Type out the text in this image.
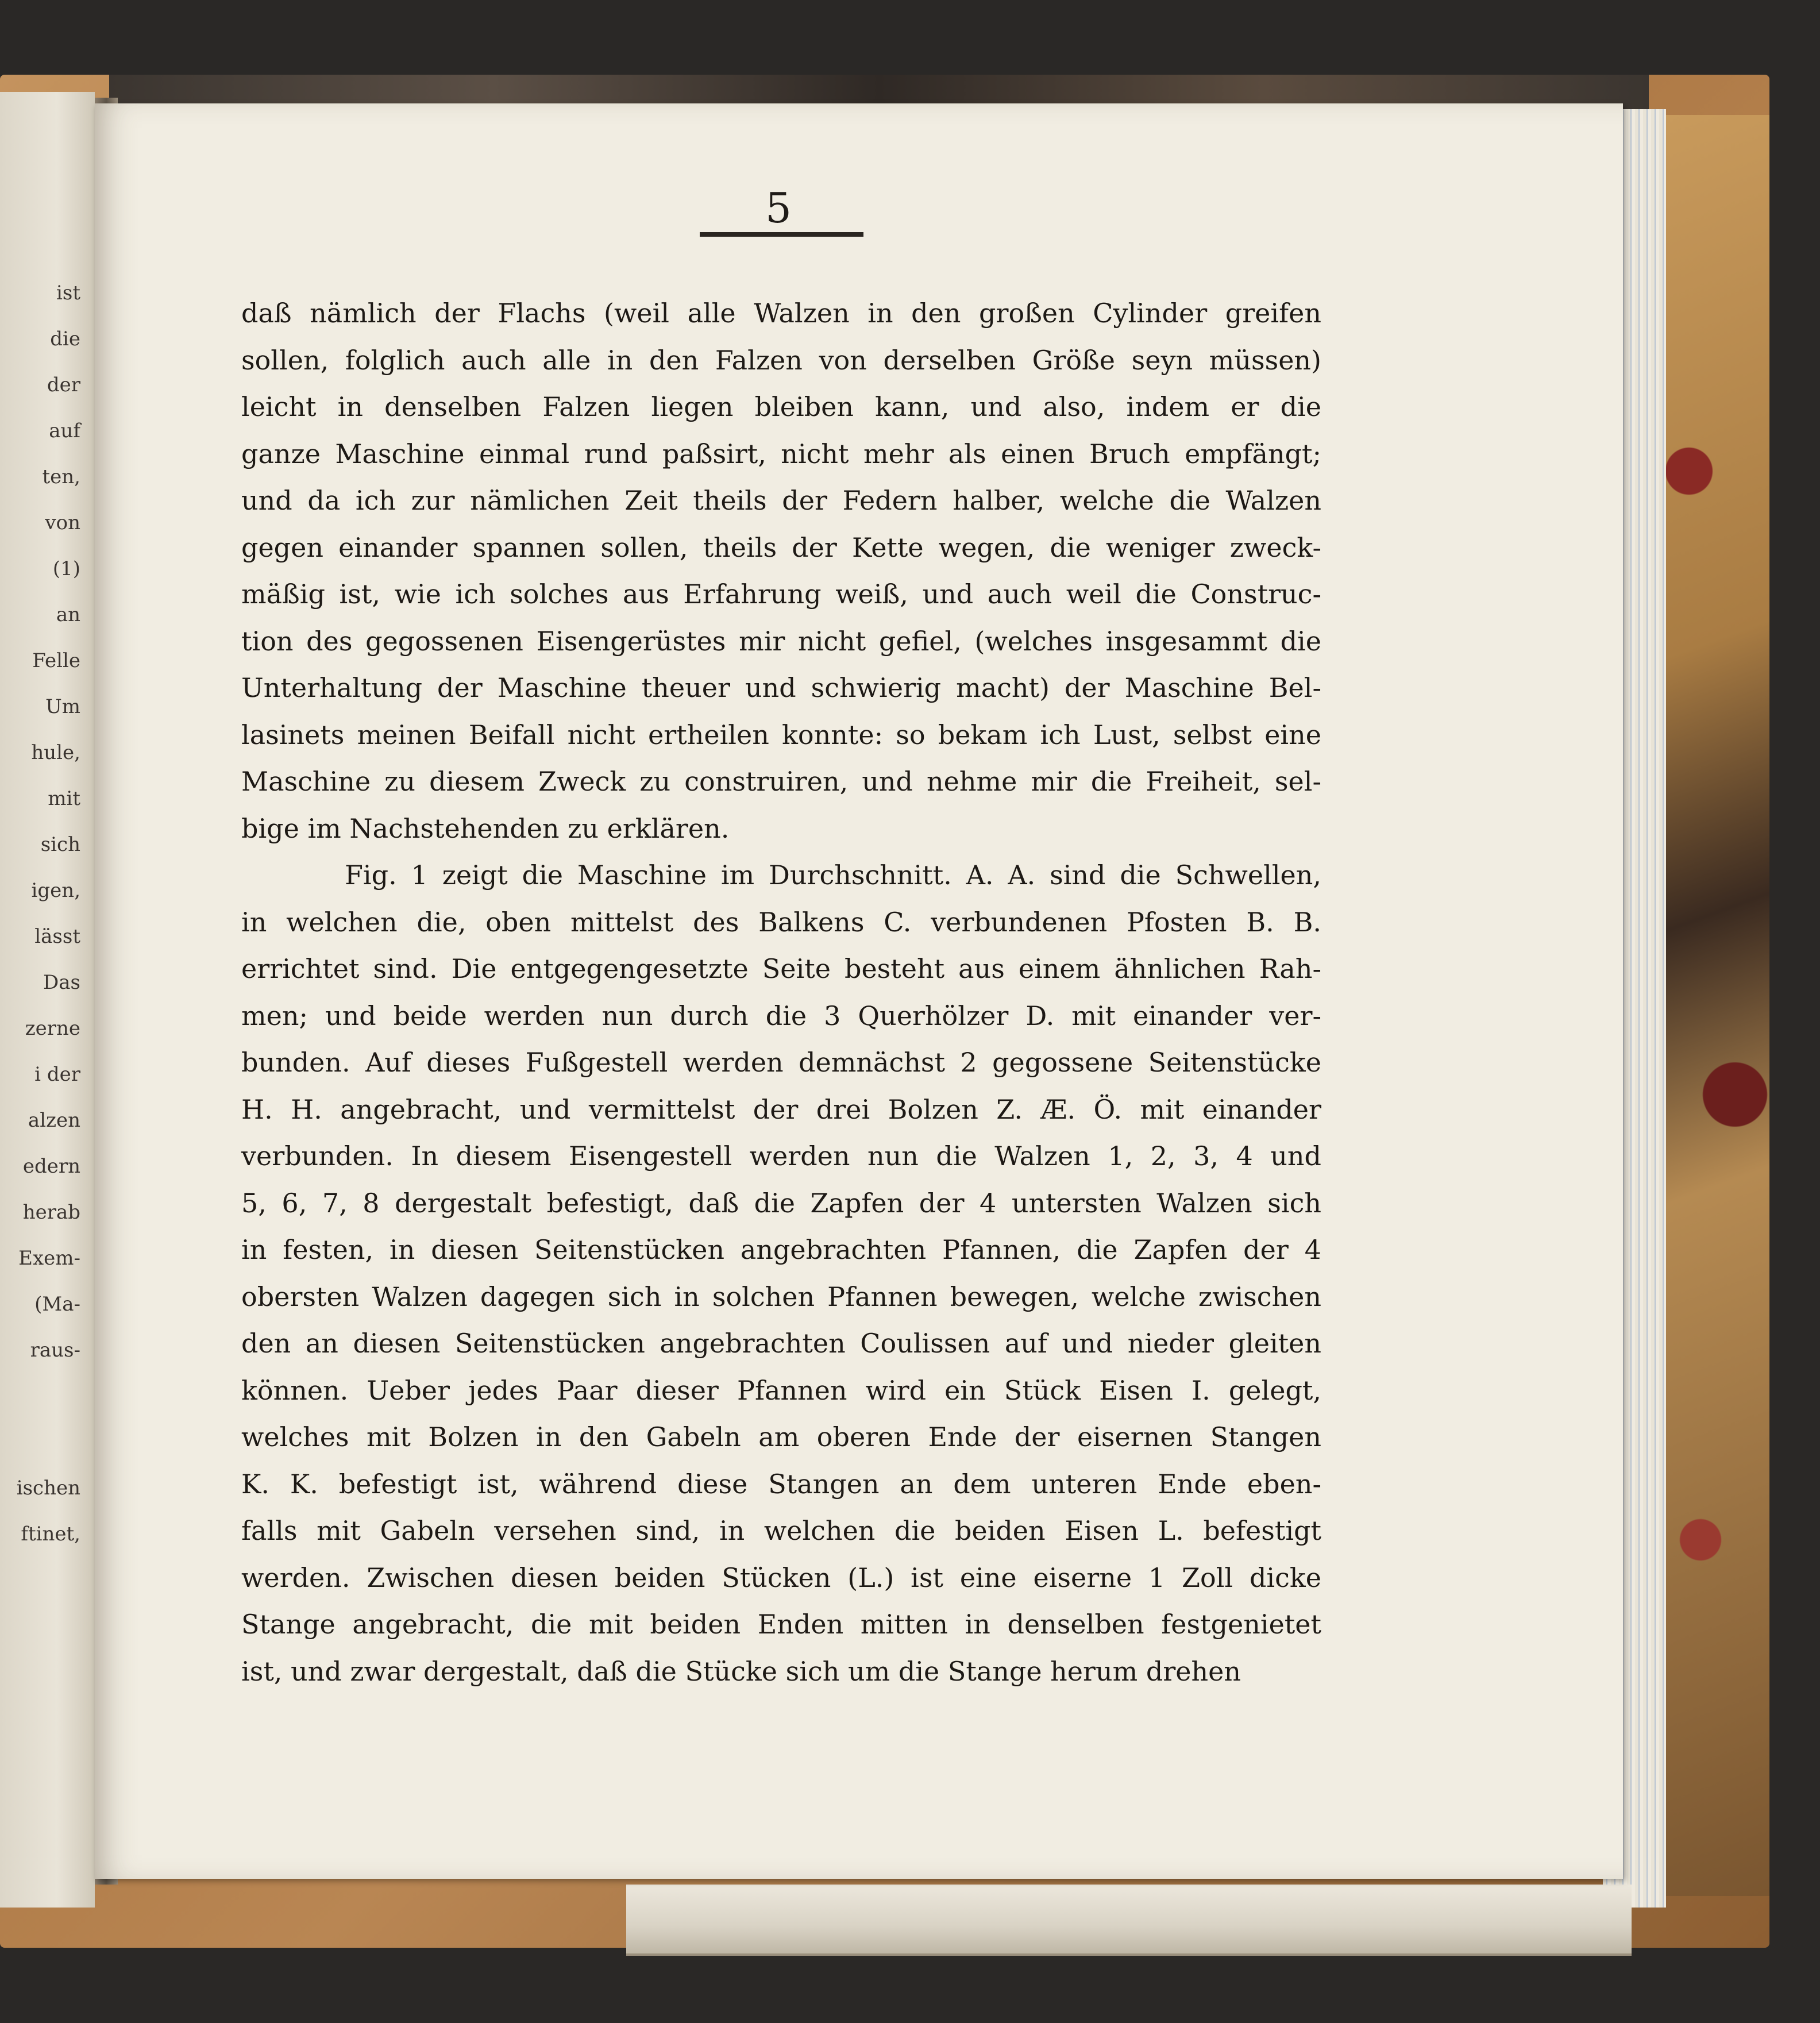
ist
die
der
auf
ten,
von
(1)
an
Felle
Um
hule,
mit
sich
igen,
lässt
Das
zerne
i der
alzen
edern
herab
Exem-
(Ma-
raus-
ischen
ftinet,
5
daß nämlich der Flachs (weil alle Walzen in den großen Cylinder greifen
sollen, folglich auch alle in den Falzen von derselben Größe seyn müssen)
leicht in denselben Falzen liegen bleiben kann, und also, indem er die
ganze Maschine einmal rund paßsirt, nicht mehr als einen Bruch empfängt;
und da ich zur nämlichen Zeit theils der Federn halber, welche die Walzen
gegen einander spannen sollen, theils der Kette wegen, die weniger zweck-
mäßig ist, wie ich solches aus Erfahrung weiß, und auch weil die Construc-
tion des gegossenen Eisengerüstes mir nicht gefiel, (welches insgesammt die
Unterhaltung der Maschine theuer und schwierig macht) der Maschine Bel-
lasinets meinen Beifall nicht ertheilen konnte: so bekam ich Lust, selbst eine
Maschine zu diesem Zweck zu construiren, und nehme mir die Freiheit, sel-
bige im Nachstehenden zu erklären.
Fig. 1 zeigt die Maschine im Durchschnitt. A. A. sind die Schwellen,
in welchen die, oben mittelst des Balkens C. verbundenen Pfosten B. B.
errichtet sind. Die entgegengesetzte Seite besteht aus einem ähnlichen Rah-
men; und beide werden nun durch die 3 Querhölzer D. mit einander ver-
bunden. Auf dieses Fußgestell werden demnächst 2 gegossene Seitenstücke
H. H. angebracht, und vermittelst der drei Bolzen Z. Æ. Ö. mit einander
verbunden. In diesem Eisengestell werden nun die Walzen 1, 2, 3, 4 und
5, 6, 7, 8 dergestalt befestigt, daß die Zapfen der 4 untersten Walzen sich
in festen, in diesen Seitenstücken angebrachten Pfannen, die Zapfen der 4
obersten Walzen dagegen sich in solchen Pfannen bewegen, welche zwischen
den an diesen Seitenstücken angebrachten Coulissen auf und nieder gleiten
können. Ueber jedes Paar dieser Pfannen wird ein Stück Eisen I. gelegt,
welches mit Bolzen in den Gabeln am oberen Ende der eisernen Stangen
K. K. befestigt ist, während diese Stangen an dem unteren Ende eben-
falls mit Gabeln versehen sind, in welchen die beiden Eisen L. befestigt
werden. Zwischen diesen beiden Stücken (L.) ist eine eiserne 1 Zoll dicke
Stange angebracht, die mit beiden Enden mitten in denselben festgenietet
ist, und zwar dergestalt, daß die Stücke sich um die Stange herum drehen
